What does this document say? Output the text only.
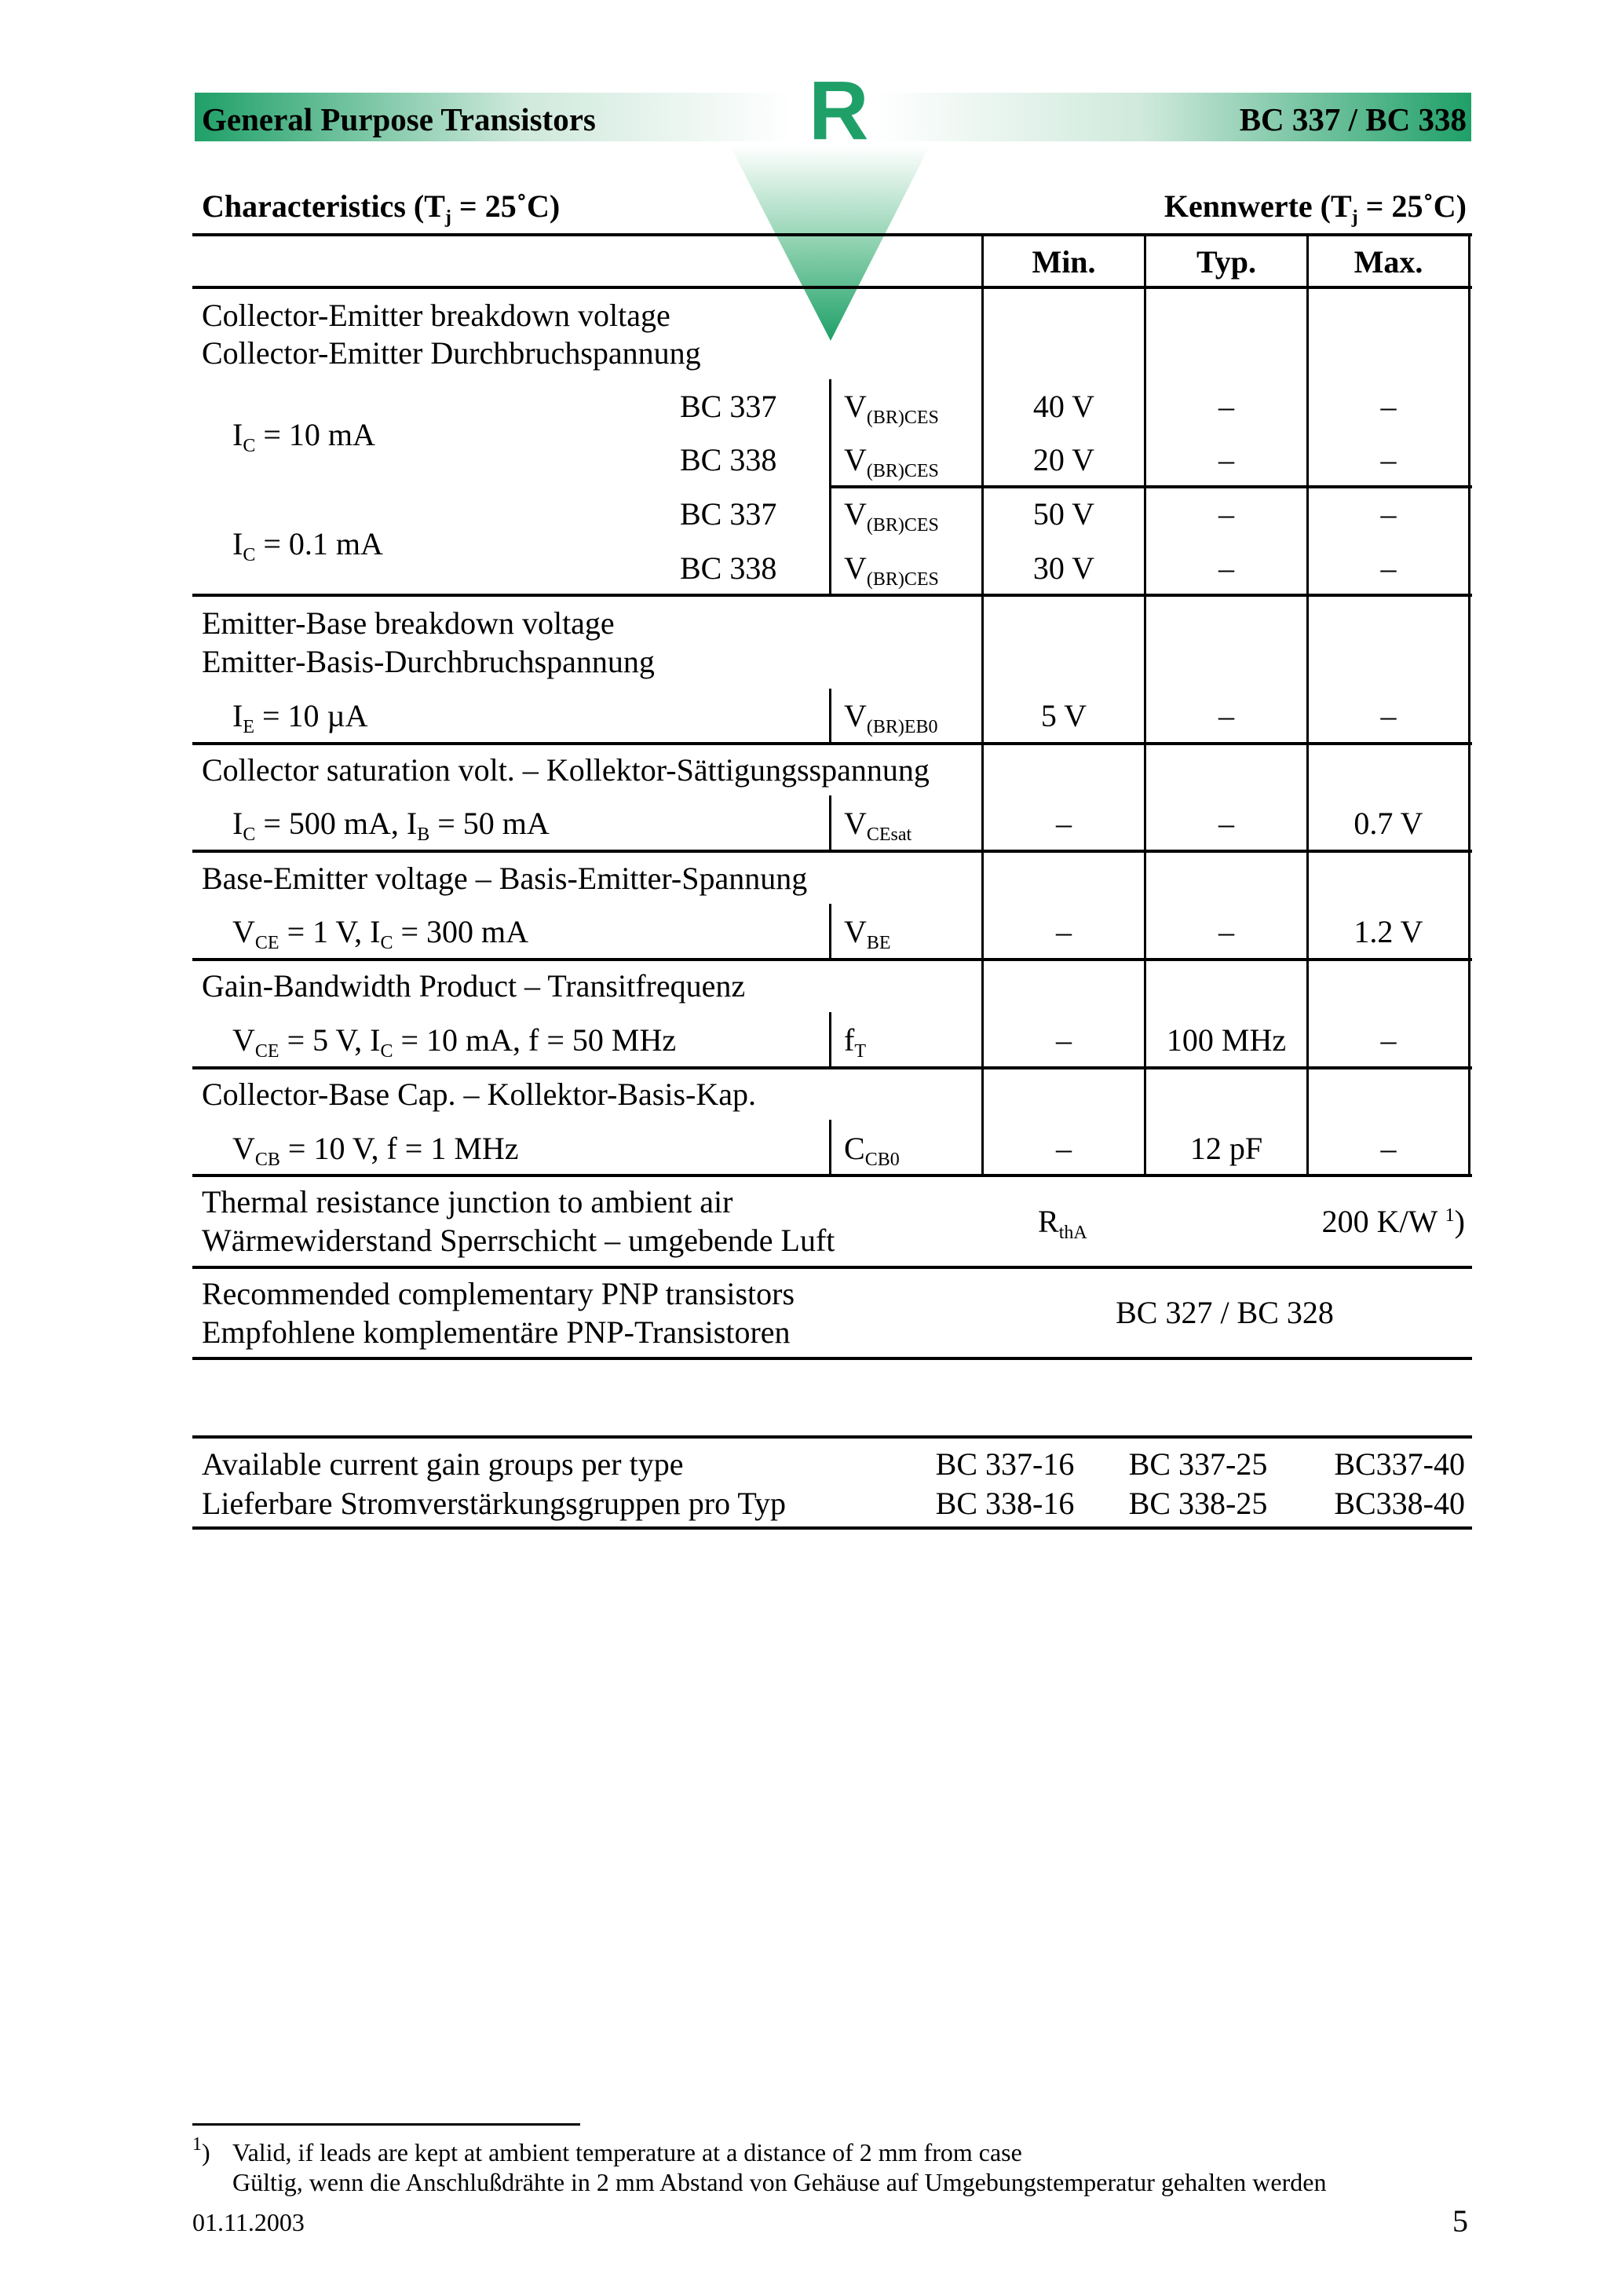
General Purpose Transistors	BC 337 / BC 338
R
Characteristics ($T_j$ = 25˚C)	Kennwerte ($T_j$ = 25˚C)
Min.	Typ.	Max.
Collector-Emitter breakdown voltage
Collector-Emitter Durchbruchspannung
$I_C = 10$ mA
$I_C = 0.1$ mA
BC 337 $V_{(BR)CES}$	40 V	–	–
BC 338 $V_{(BR)CES}$	20 V	–	–
BC 337 $V_{(BR)CES}$	50 V	–	–
BC 338 $V_{(BR)CES}$	30 V	–	–
Emitter-Base breakdown voltage
Emitter-Basis-Durchbruchspannung
$I_E = 10$ µA	$V_{(BR)EB0}$	5 V	–	–
Collector saturation volt. – Kollektor-Sättigungsspannung
$I_C = 500$ mA, $I_B = 50$ mA	$V_{CEsat}$	–	–	0.7 V
Base-Emitter voltage – Basis-Emitter-Spannung
$V_{CE} = 1$ V, $I_C = 300$ mA	$V_{BE}$	–	–	1.2 V
Gain-Bandwidth Product – Transitfrequenz
$V_{CE} = 5$ V, $I_C = 10$ mA, f = 50 MHz	$f_T$	–	100 MHz	–
Collector-Base Cap. – Kollektor-Basis-Kap.
$V_{CB} = 10$ V, f = 1 MHz	$C_{CB0}$	–	12 pF	–
Thermal resistance junction to ambient air
Wärmewiderstand Sperrschicht – umgebende Luft
$R_{thA}$	200 K/W $^1$)
Recommended complementary PNP transistors
Empfohlene komplementäre PNP-Transistoren
BC 327 / BC 328
Available current gain groups per type
Lieferbare Stromverstärkungsgruppen pro Typ
BC 337-16	BC 337-25	BC337-40
BC 338-16	BC 338-25	BC338-40
$^1$) Valid, if leads are kept at ambient temperature at a distance of 2 mm from case
Gültig, wenn die Anschlußdrähte in 2 mm Abstand von Gehäuse auf Umgebungstemperatur gehalten werden
01.11.2003	5
